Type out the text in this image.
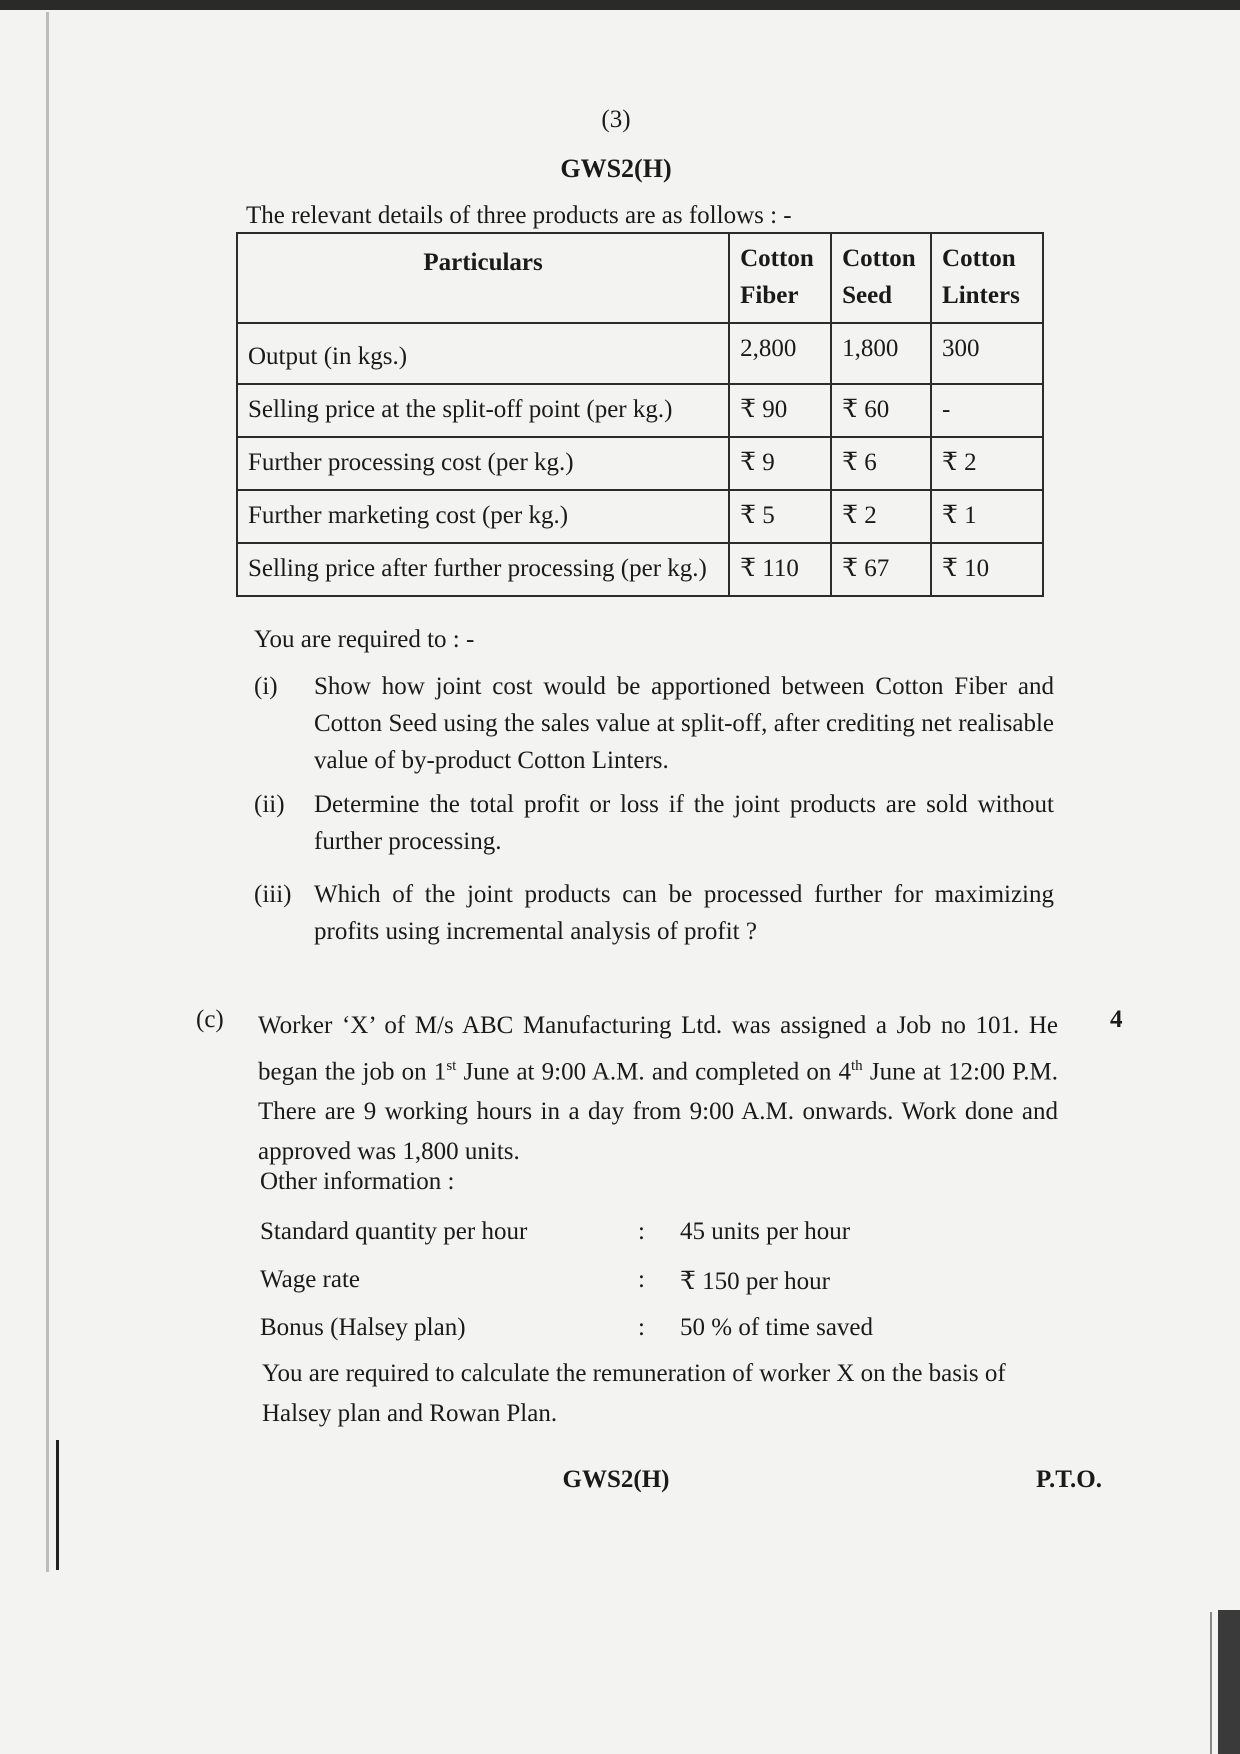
(3)
GWS2(H)
The relevant details of three products are as follows : -
Particulars	Cotton Fiber	Cotton Seed	Cotton Linters
Output (in kgs.)	2,800	1,800	300
Selling price at the split-off point (per kg.)	₹ 90	₹ 60	-
Further processing cost (per kg.)	₹ 9	₹ 6	₹ 2
Further marketing cost (per kg.)	₹ 5	₹ 2	₹ 1
Selling price after further processing (per kg.)	₹ 110	₹ 67	₹ 10
You are required to : -
(i) Show how joint cost would be apportioned between Cotton Fiber and Cotton Seed using the sales value at split-off, after crediting net realisable value of by-product Cotton Linters.
(ii) Determine the total profit or loss if the joint products are sold without further processing.
(iii) Which of the joint products can be processed further for maximizing profits using incremental analysis of profit ?
(c)	4
Worker ‘X’ of M/s ABC Manufacturing Ltd. was assigned a Job no 101. He began the job on 1st June at 9:00 A.M. and completed on 4th June at 12:00 P.M. There are 9 working hours in a day from 9:00 A.M. onwards. Work done and approved was 1,800 units.
Other information :
Standard quantity per hour	: 45 units per hour
Wage rate	: ₹ 150 per hour
Bonus (Halsey plan)	: 50 % of time saved
You are required to calculate the remuneration of worker X on the basis of Halsey plan and Rowan Plan.
GWS2(H)	P.T.O.
